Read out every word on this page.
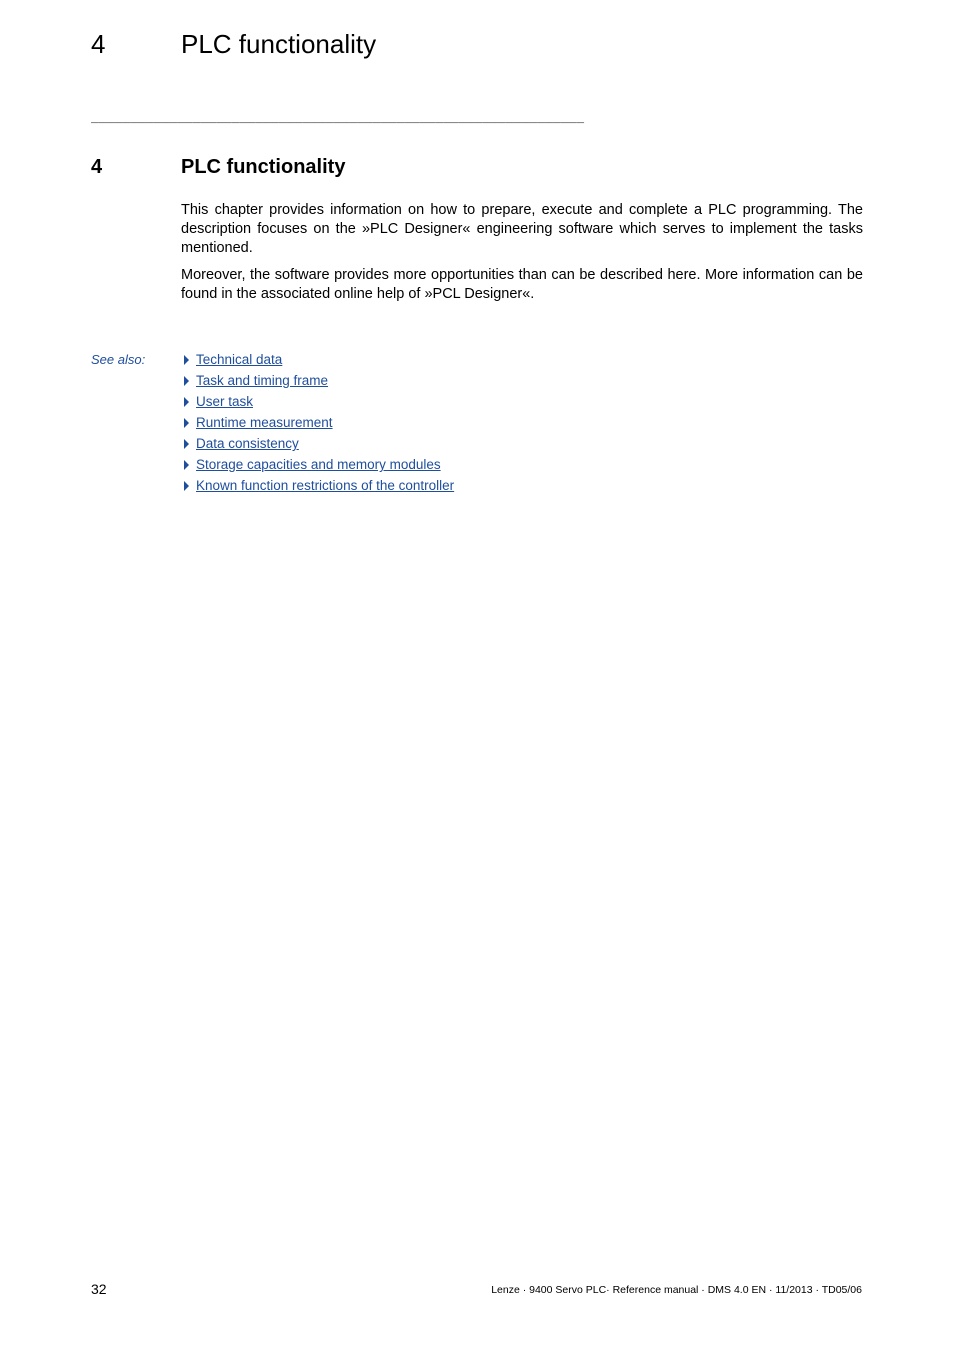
4	PLC functionality
_______________________________________________________________
4	PLC functionality

This chapter provides information on how to prepare, execute and complete a PLC programming. The description focuses on the »PLC Designer« engineering software which serves to implement the tasks mentioned.

Moreover, the software provides more opportunities than can be described here. More information can be found in the associated online help of »PCL Designer«.

See also:	Technical data
Task and timing frame
User task
Runtime measurement
Data consistency
Storage capacities and memory modules
Known function restrictions of the controller
32	Lenze · 9400 Servo PLC· Reference manual · DMS 4.0 EN · 11/2013 · TD05/06
